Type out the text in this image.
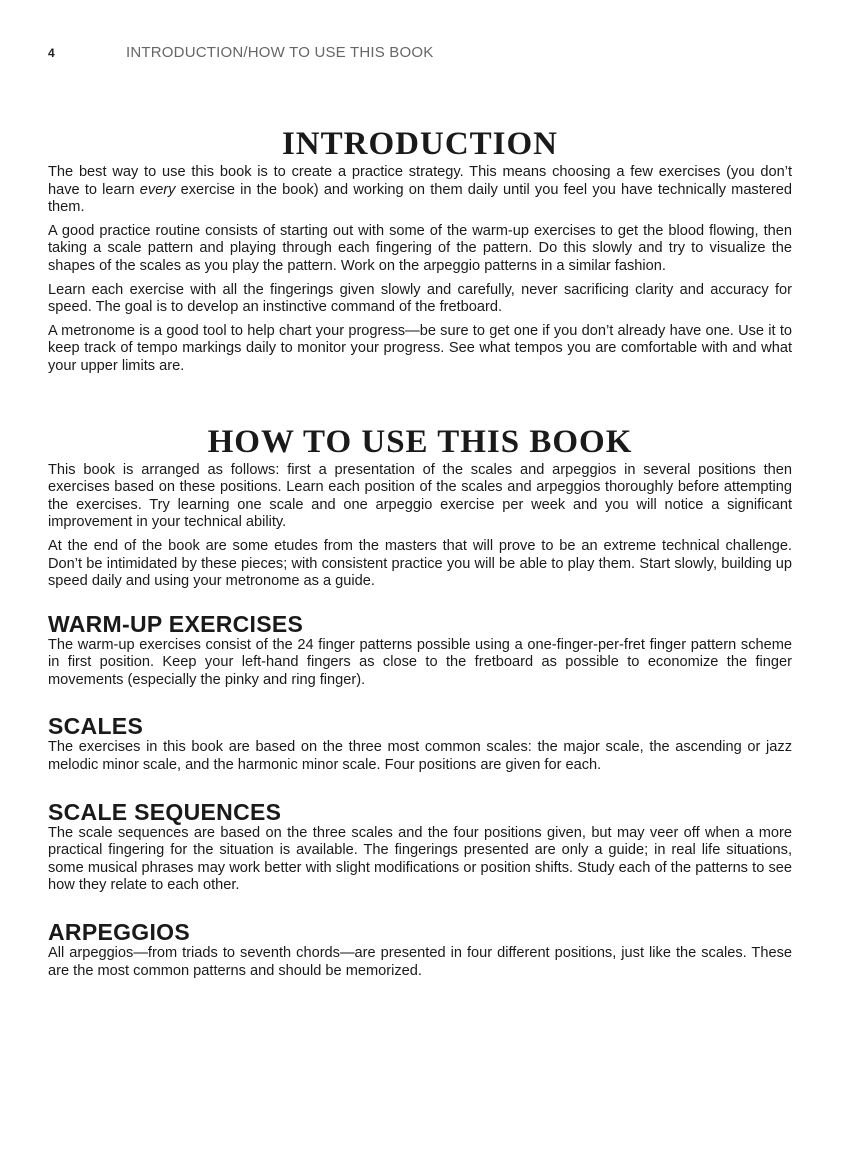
4	INTRODUCTION/HOW TO USE THIS BOOK
INTRODUCTION

The best way to use this book is to create a practice strategy. This means choosing a few exercises (you don’t have to learn every exercise in the book) and working on them daily until you feel you have technically mastered them.

A good practice routine consists of starting out with some of the warm-up exercises to get the blood flowing, then taking a scale pattern and playing through each fingering of the pattern. Do this slowly and try to visualize the shapes of the scales as you play the pattern. Work on the arpeggio patterns in a similar fashion.

Learn each exercise with all the fingerings given slowly and carefully, never sacrificing clarity and accuracy for speed. The goal is to develop an instinctive command of the fretboard.

A metronome is a good tool to help chart your progress—be sure to get one if you don’t already have one. Use it to keep track of tempo markings daily to monitor your progress. See what tempos you are comfortable with and what your upper limits are.

HOW TO USE THIS BOOK

This book is arranged as follows: first a presentation of the scales and arpeggios in several positions then exercises based on these positions. Learn each position of the scales and arpeggios thoroughly before attempting the exercises. Try learning one scale and one arpeggio exercise per week and you will notice a significant improvement in your technical ability.

At the end of the book are some etudes from the masters that will prove to be an extreme technical challenge. Don’t be intimidated by these pieces; with consistent practice you will be able to play them. Start slowly, building up speed daily and using your metronome as a guide.

WARM-UP EXERCISES

The warm-up exercises consist of the 24 finger patterns possible using a one-finger-per-fret finger pattern scheme in first position. Keep your left-hand fingers as close to the fretboard as possible to economize the finger movements (especially the pinky and ring finger).

SCALES

The exercises in this book are based on the three most common scales: the major scale, the ascending or jazz melodic minor scale, and the harmonic minor scale. Four positions are given for each.

SCALE SEQUENCES

The scale sequences are based on the three scales and the four positions given, but may veer off when a more practical fingering for the situation is available. The fingerings presented are only a guide; in real life situations, some musical phrases may work better with slight modifications or position shifts. Study each of the patterns to see how they relate to each other.

ARPEGGIOS

All arpeggios—from triads to seventh chords—are presented in four different positions, just like the scales. These are the most common patterns and should be memorized.
